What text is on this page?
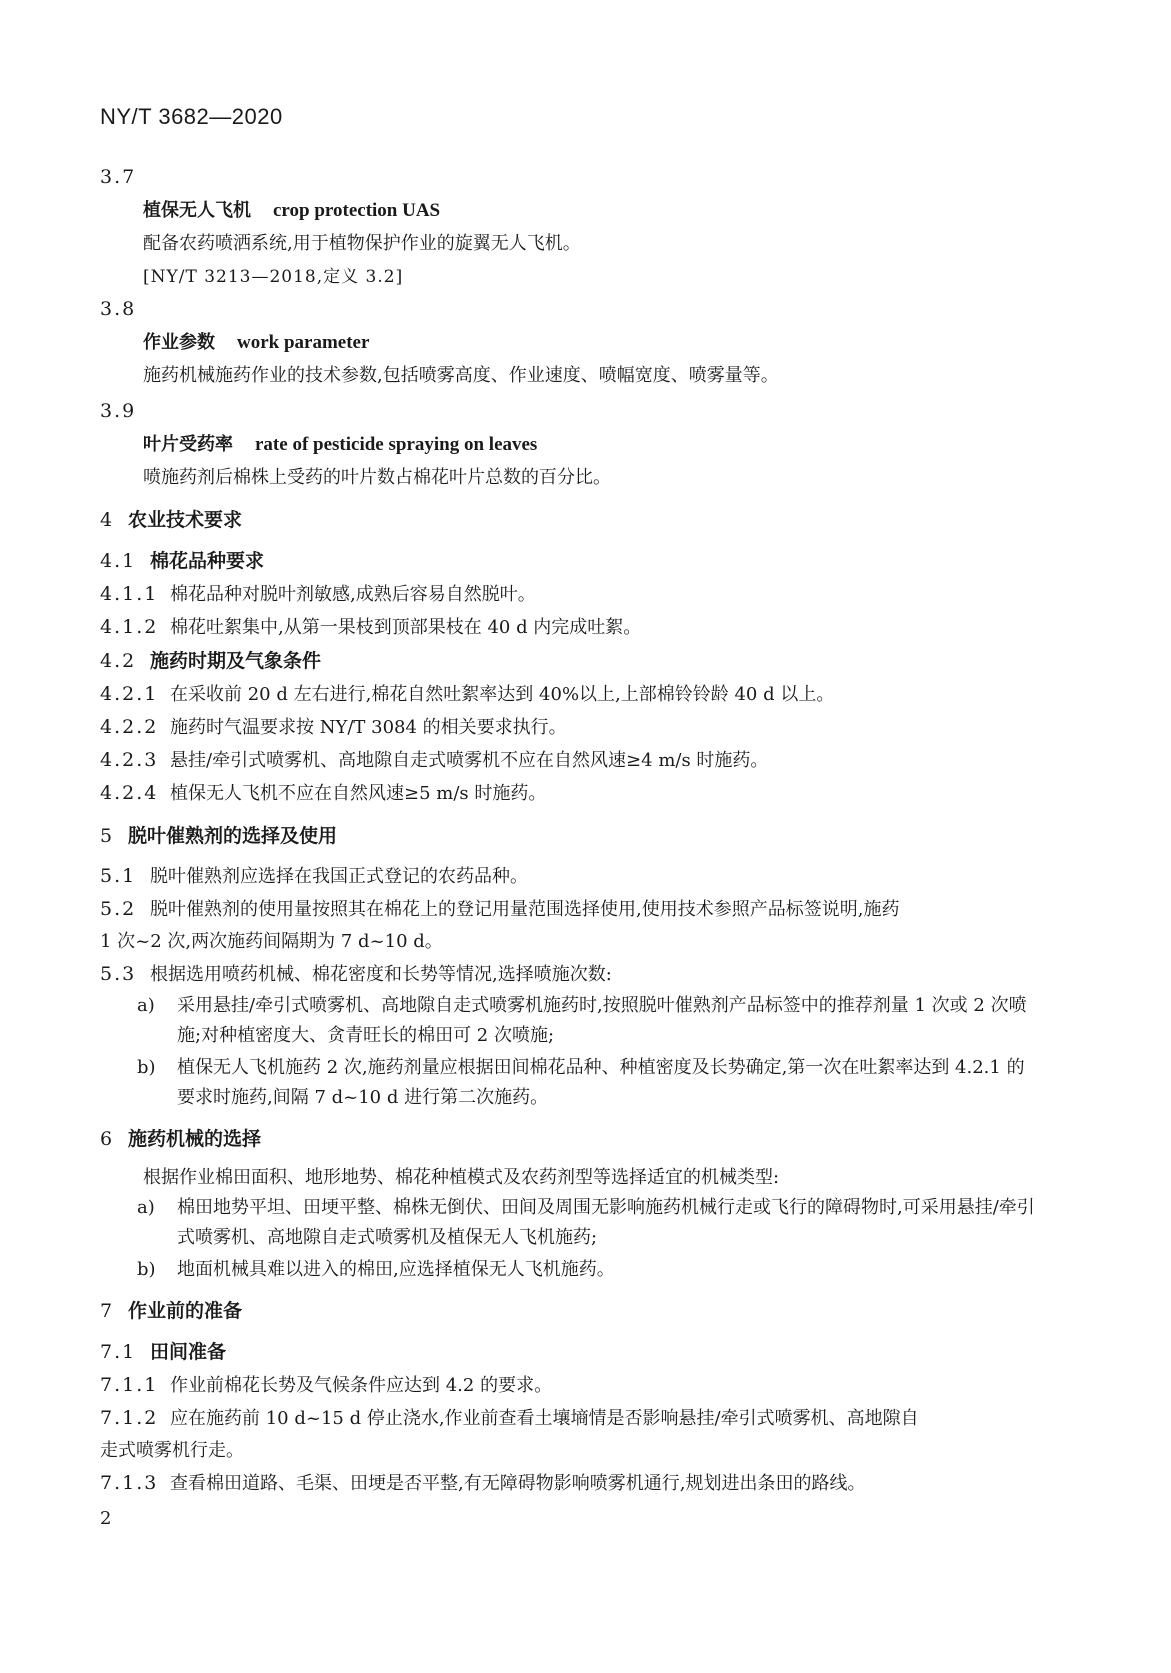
NY/T 3682—2020
3.7
植保无人飞机 crop protection UAS
配备农药喷洒系统,用于植物保护作业的旋翼无人飞机。
[NY/T 3213—2018,定义 3.2]
3.8
作业参数 work parameter
施药机械施药作业的技术参数,包括喷雾高度、作业速度、喷幅宽度、喷雾量等。
3.9
叶片受药率 rate of pesticide spraying on leaves
喷施药剂后棉株上受药的叶片数占棉花叶片总数的百分比。
4 农业技术要求
4.1 棉花品种要求
4.1.1 棉花品种对脱叶剂敏感,成熟后容易自然脱叶。
4.1.2 棉花吐絮集中,从第一果枝到顶部果枝在 40 d 内完成吐絮。
4.2 施药时期及气象条件
4.2.1 在采收前 20 d 左右进行,棉花自然吐絮率达到 40%以上,上部棉铃铃龄 40 d 以上。
4.2.2 施药时气温要求按 NY/T 3084 的相关要求执行。
4.2.3 悬挂/牵引式喷雾机、高地隙自走式喷雾机不应在自然风速≥4 m/s 时施药。
4.2.4 植保无人飞机不应在自然风速≥5 m/s 时施药。
5 脱叶催熟剂的选择及使用
5.1 脱叶催熟剂应选择在我国正式登记的农药品种。
5.2 脱叶催熟剂的使用量按照其在棉花上的登记用量范围选择使用,使用技术参照产品标签说明,施药
1 次~2 次,两次施药间隔期为 7 d~10 d。
5.3 根据选用喷药机械、棉花密度和长势等情况,选择喷施次数:
a) 采用悬挂/牵引式喷雾机、高地隙自走式喷雾机施药时,按照脱叶催熟剂产品标签中的推荐剂量 1 次或 2 次喷施;对种植密度大、贪青旺长的棉田可 2 次喷施;
b) 植保无人飞机施药 2 次,施药剂量应根据田间棉花品种、种植密度及长势确定,第一次在吐絮率达到 4.2.1 的要求时施药,间隔 7 d~10 d 进行第二次施药。
6 施药机械的选择
根据作业棉田面积、地形地势、棉花种植模式及农药剂型等选择适宜的机械类型:
a) 棉田地势平坦、田埂平整、棉株无倒伏、田间及周围无影响施药机械行走或飞行的障碍物时,可采用悬挂/牵引式喷雾机、高地隙自走式喷雾机及植保无人飞机施药;
b) 地面机械具难以进入的棉田,应选择植保无人飞机施药。
7 作业前的准备
7.1 田间准备
7.1.1 作业前棉花长势及气候条件应达到 4.2 的要求。
7.1.2 应在施药前 10 d~15 d 停止浇水,作业前查看土壤墒情是否影响悬挂/牵引式喷雾机、高地隙自
走式喷雾机行走。
7.1.3 查看棉田道路、毛渠、田埂是否平整,有无障碍物影响喷雾机通行,规划进出条田的路线。
2
